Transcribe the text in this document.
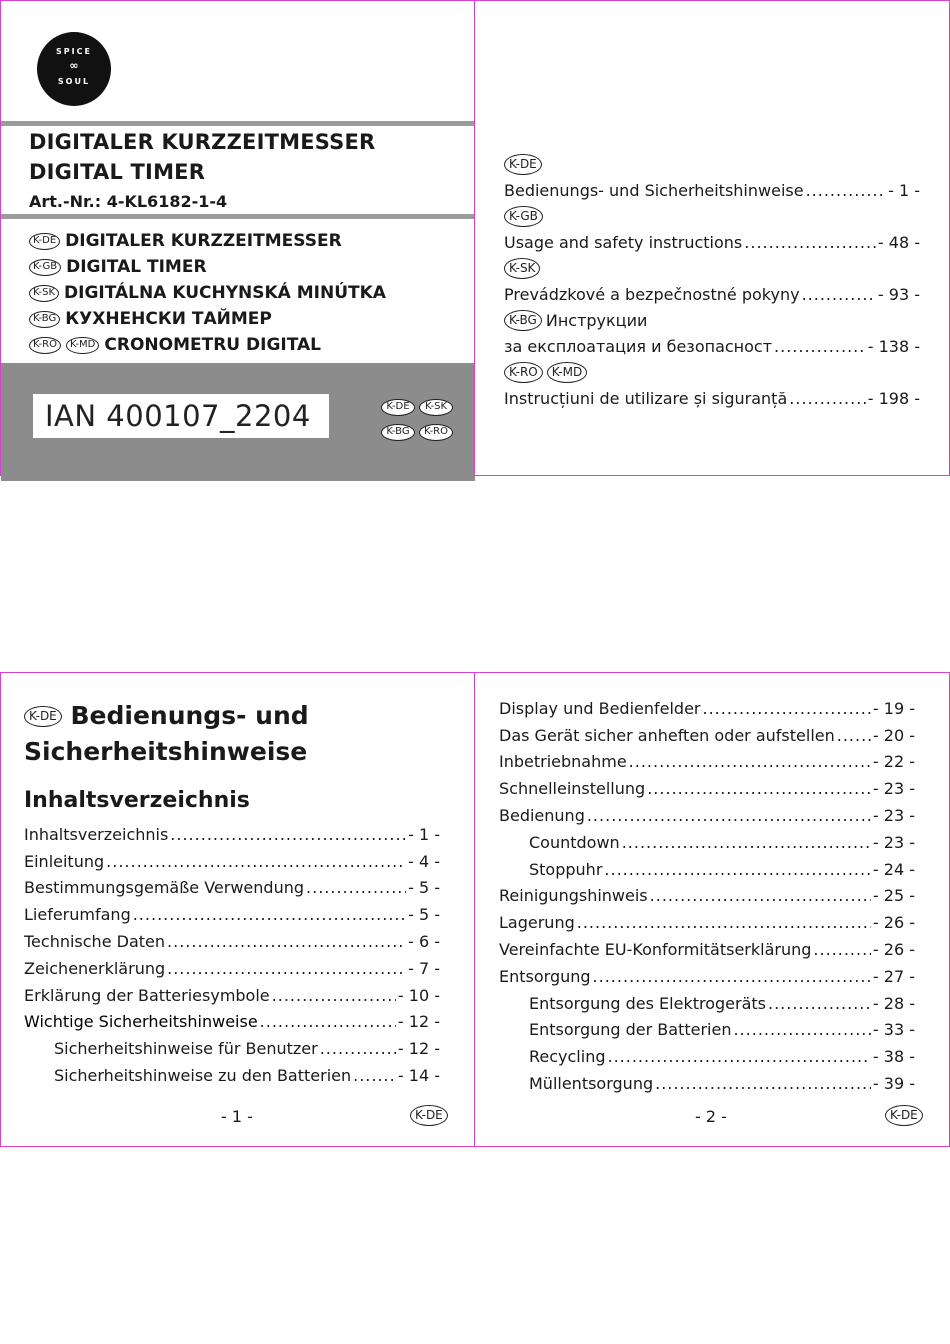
SPICE
∞
SOUL
DIGITALER KURZZEITMESSER
DIGITAL TIMER
Art.-Nr.: 4-KL6182-1-4
K-DE DIGITALER KURZZEITMESSER
K-GB DIGITAL TIMER
K-SK DIGITÁLNA KUCHYNSKÁ MINÚTKA
K-BG КУХНЕНСКИ ТАЙМЕР
K-RO	K-MD CRONOMETRU DIGITAL
IAN 400107_2204	K-DE K-SK K-BG K-RO
K-DE
Bedienungs- und Sicherheitshinweise .....	- 1 -
K-GB
Usage and safety instructions .....	- 48 -
K-SK
Prevádzkové a bezpečnostné pokyny .....	- 93 -
K-BG Инструкции
за експлоатация и безопасност .....	- 138 -
K-RO	K-MD
Instrucțiuni de utilizare și siguranță .....	- 198 -
K-DE Bedienungs- und
Sicherheitshinweise
Inhaltsverzeichnis
Inhaltsverzeichnis .....	- 1 -
Einleitung .....	- 4 -
Bestimmungsgemäße Verwendung .....	- 5 -
Lieferumfang .....	- 5 -
Technische Daten .....	- 6 -
Zeichenerklärung .....	- 7 -
Erklärung der Batteriesymbole .....	- 10 -
Wichtige Sicherheitshinweise .....	- 12 -
Sicherheitshinweise für Benutzer .....	- 12 -
Sicherheitshinweise zu den Batterien .....	- 14 -
- 1 -	K-DE
Display und Bedienfelder .....	- 19 -
Das Gerät sicher anheften oder aufstellen ..... - 20 -
Inbetriebnahme .....	- 22 -
Schnelleinstellung .....	- 23 -
Bedienung .....	- 23 -
Countdown .....	- 23 -
Stoppuhr .....	- 24 -
Reinigungshinweis .....	- 25 -
Lagerung .....	- 26 -
Vereinfachte EU-Konformitätserklärung .....	- 26 -
Entsorgung .....	- 27 -
Entsorgung des Elektrogeräts .....	- 28 -
Entsorgung der Batterien .....	- 33 -
Recycling .....	- 38 -
Müllentsorgung .....	- 39 -
- 2 -	K-DE
